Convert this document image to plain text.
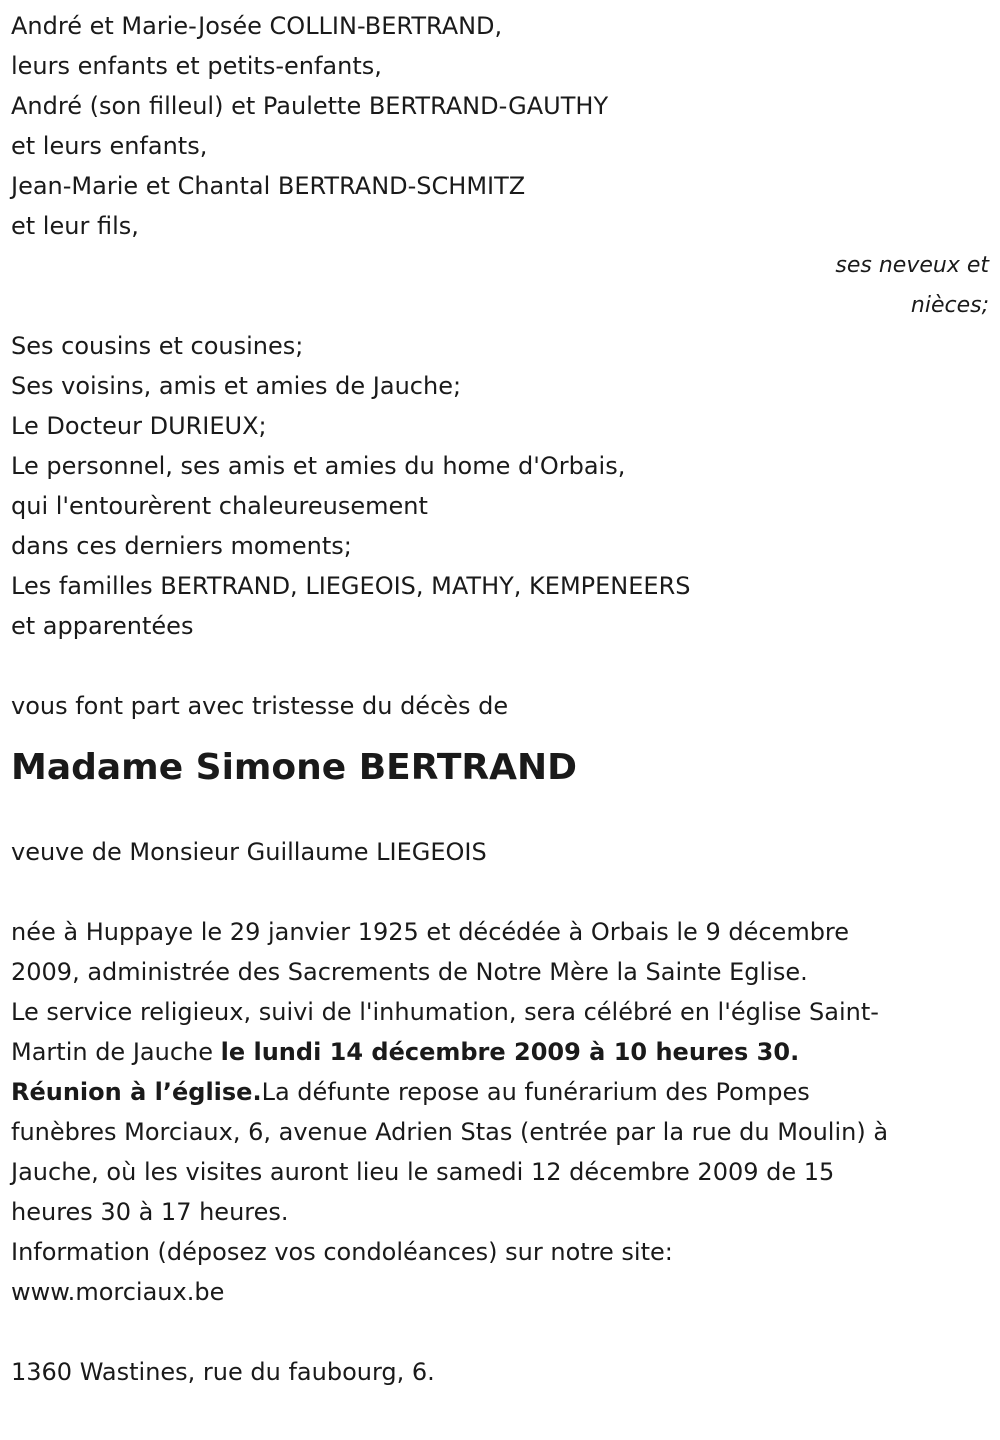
André et Marie-Josée COLLIN-BERTRAND,
leurs enfants et petits-enfants,
André (son filleul) et Paulette BERTRAND-GAUTHY
et leurs enfants,
Jean-Marie et Chantal BERTRAND-SCHMITZ
et leur fils,
ses neveux et
nièces;
Ses cousins et cousines;
Ses voisins, amis et amies de Jauche;
Le Docteur DURIEUX;
Le personnel, ses amis et amies du home d'Orbais,
qui l'entourèrent chaleureusement
dans ces derniers moments;
Les familles BERTRAND, LIEGEOIS, MATHY, KEMPENEERS
et apparentées
vous font part avec tristesse du décès de
Madame Simone BERTRAND
veuve de Monsieur Guillaume LIEGEOIS
née à Huppaye le 29 janvier 1925 et décédée à Orbais le 9 décembre
2009, administrée des Sacrements de Notre Mère la Sainte Eglise.
Le service religieux, suivi de l'inhumation, sera célébré en l'église Saint-
Martin de Jauche le lundi 14 décembre 2009 à 10 heures 30.
Réunion à l’église.La défunte repose au funérarium des Pompes
funèbres Morciaux, 6, avenue Adrien Stas (entrée par la rue du Moulin) à
Jauche, où les visites auront lieu le samedi 12 décembre 2009 de 15
heures 30 à 17 heures.
Information (déposez vos condoléances) sur notre site:
www.morciaux.be
1360 Wastines, rue du faubourg, 6.
